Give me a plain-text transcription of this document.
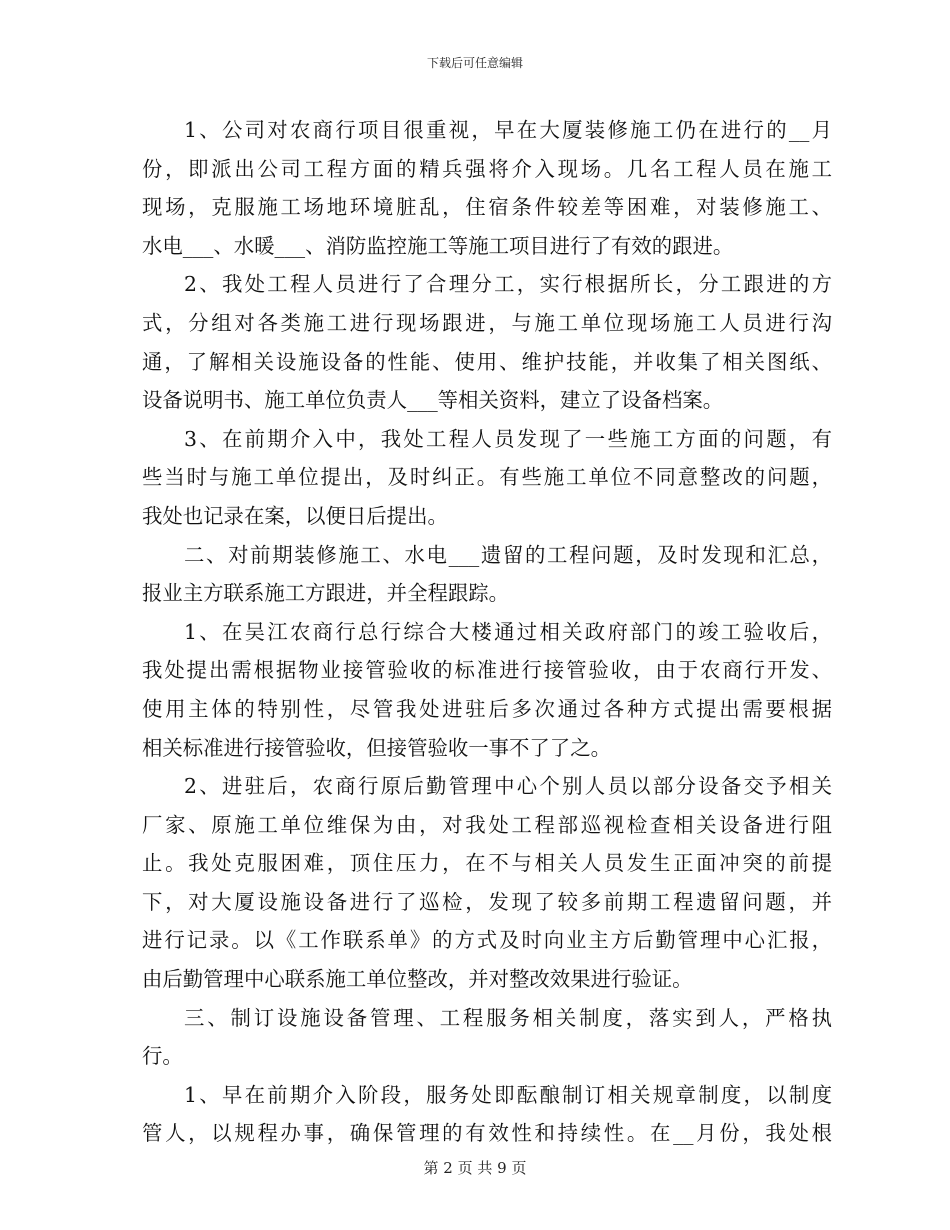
下载后可任意编辑
1、公司对农商行项目很重视，早在大厦装修施工仍在进行的__月
份，即派出公司工程方面的精兵强将介入现场。几名工程人员在施工
现场，克服施工场地环境脏乱，住宿条件较差等困难，对装修施工、
水电___、水暖___、消防监控施工等施工项目进行了有效的跟进。
2、我处工程人员进行了合理分工，实行根据所长，分工跟进的方
式，分组对各类施工进行现场跟进，与施工单位现场施工人员进行沟
通，了解相关设施设备的性能、使用、维护技能，并收集了相关图纸、
设备说明书、施工单位负责人___等相关资料，建立了设备档案。
3、在前期介入中，我处工程人员发现了一些施工方面的问题，有
些当时与施工单位提出，及时纠正。有些施工单位不同意整改的问题，
我处也记录在案，以便日后提出。
二、对前期装修施工、水电___遗留的工程问题，及时发现和汇总，
报业主方联系施工方跟进，并全程跟踪。
1、在吴江农商行总行综合大楼通过相关政府部门的竣工验收后，
我处提出需根据物业接管验收的标准进行接管验收，由于农商行开发、
使用主体的特别性，尽管我处进驻后多次通过各种方式提出需要根据
相关标准进行接管验收，但接管验收一事不了了之。
2、进驻后，农商行原后勤管理中心个别人员以部分设备交予相关
厂家、原施工单位维保为由，对我处工程部巡视检查相关设备进行阻
止。我处克服困难，顶住压力，在不与相关人员发生正面冲突的前提
下，对大厦设施设备进行了巡检，发现了较多前期工程遗留问题，并
进行记录。以《工作联系单》的方式及时向业主方后勤管理中心汇报，
由后勤管理中心联系施工单位整改，并对整改效果进行验证。
三、制订设施设备管理、工程服务相关制度，落实到人，严格执
行。
1、早在前期介入阶段，服务处即酝酿制订相关规章制度，以制度
管人，以规程办事，确保管理的有效性和持续性。在__月份，我处根
第 2 页 共 9 页
